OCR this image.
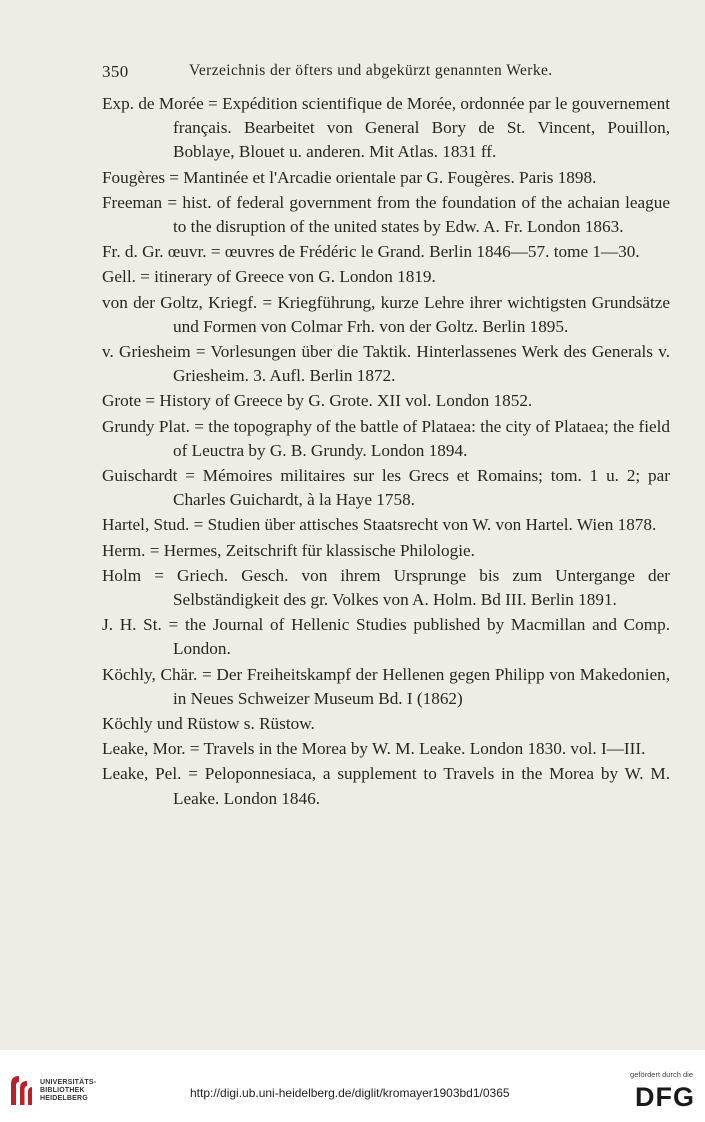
350	Verzeichnis der öfters und abgekürzt genannten Werke.

Exp. de Morée = Expédition scientifique de Morée, ordonnée par le gouvernement français. Bearbeitet von General Bory de St. Vincent, Pouillon, Boblaye, Blouet u. anderen. Mit Atlas. 1831 ff.

Fougères = Mantinée et l'Arcadie orientale par G. Fougères. Paris 1898.

Freeman = hist. of federal government from the foundation of the achaian league to the disruption of the united states by Edw. A. Fr. London 1863.

Fr. d. Gr. œuvr. = œuvres de Frédéric le Grand. Berlin 1846—57. tome 1—30.

Gell. = itinerary of Greece von G. London 1819.

von der Goltz, Kriegf. = Kriegführung, kurze Lehre ihrer wichtigsten Grundsätze und Formen von Colmar Frh. von der Goltz. Berlin 1895.

v. Griesheim = Vorlesungen über die Taktik. Hinterlassenes Werk des Generals v. Griesheim. 3. Aufl. Berlin 1872.

Grote = History of Greece by G. Grote. XII vol. London 1852.

Grundy Plat. = the topography of the battle of Plataea: the city of Plataea; the field of Leuctra by G. B. Grundy. London 1894.

Guischardt = Mémoires militaires sur les Grecs et Romains; tom. 1 u. 2; par Charles Guichardt, à la Haye 1758.

Hartel, Stud. = Studien über attisches Staatsrecht von W. von Hartel. Wien 1878.

Herm. = Hermes, Zeitschrift für klassische Philologie.

Holm = Griech. Gesch. von ihrem Ursprunge bis zum Untergange der Selbständigkeit des gr. Volkes von A. Holm. Bd III. Berlin 1891.

J. H. St. = the Journal of Hellenic Studies published by Macmillan and Comp. London.

Köchly, Chär. = Der Freiheitskampf der Hellenen gegen Philipp von Makedonien, in Neues Schweizer Museum Bd. I (1862)

Köchly und Rüstow s. Rüstow.

Leake, Mor. = Travels in the Morea by W. M. Leake. London 1830. vol. I—III.

Leake, Pel. = Peloponnesiaca, a supplement to Travels in the Morea by W. M. Leake. London 1846.

UNIVERSITÄTS-
BIBLIOTHEK
HEIDELBERG	http://digi.ub.uni-heidelberg.de/diglit/kromayer1903bd1/0365
gefördert durch die
DFG
